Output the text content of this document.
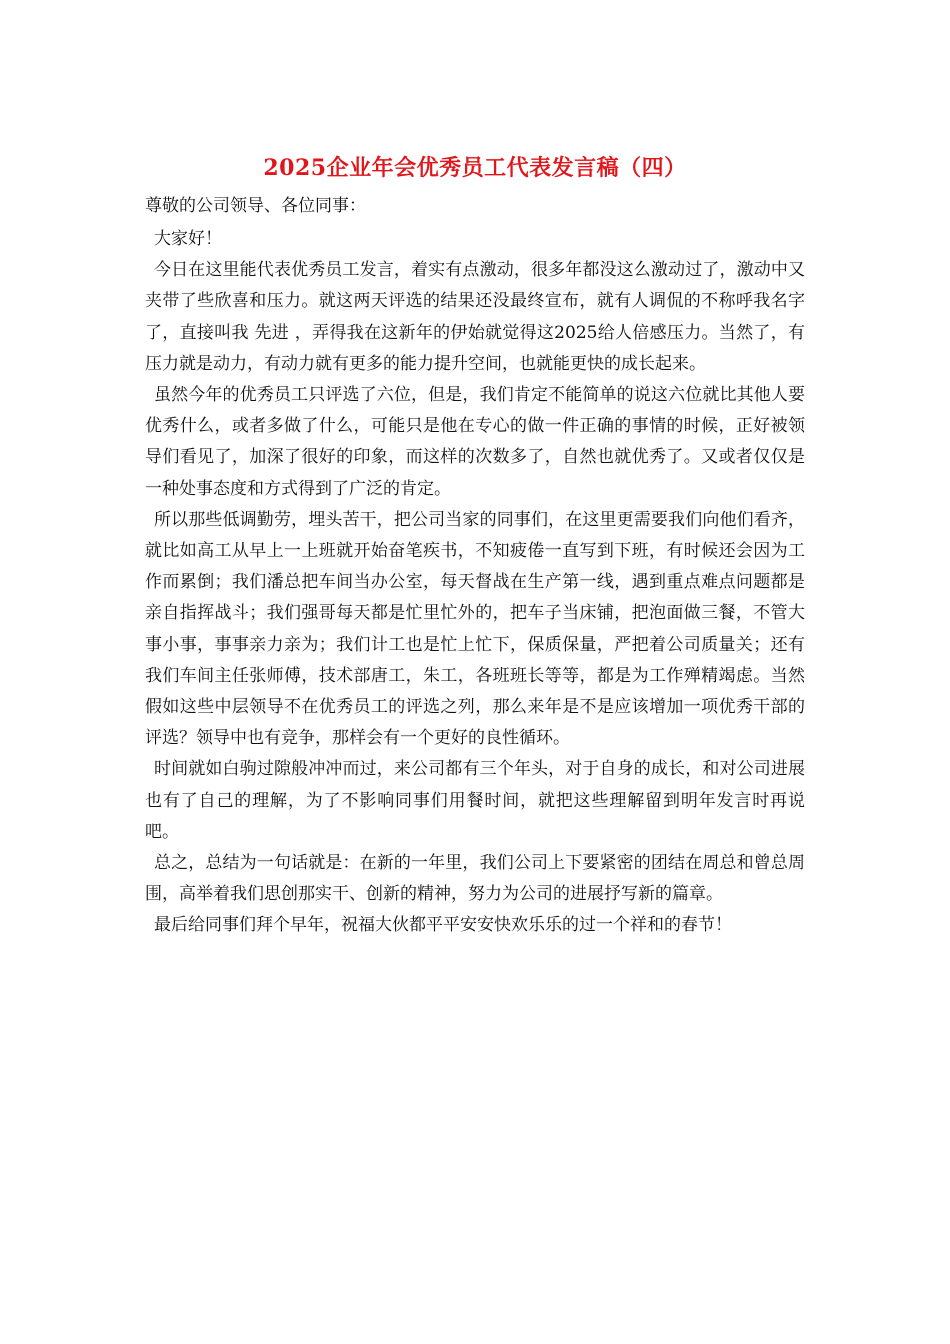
2025企业年会优秀员工代表发言稿（四）
尊敬的公司领导、各位同事：

大家好！

今日在这里能代表优秀员工发言，着实有点激动，很多年都没这么激动过了，激动中又夹带了些欣喜和压力。就这两天评选的结果还没最终宣布，就有人调侃的不称呼我名字了，直接叫我 先进 ，弄得我在这新年的伊始就觉得这2025给人倍感压力。当然了，有压力就是动力，有动力就有更多的能力提升空间，也就能更快的成长起来。

虽然今年的优秀员工只评选了六位，但是，我们肯定不能简单的说这六位就比其他人要优秀什么，或者多做了什么，可能只是他在专心的做一件正确的事情的时候，正好被领导们看见了，加深了很好的印象，而这样的次数多了，自然也就优秀了。又或者仅仅是一种处事态度和方式得到了广泛的肯定。

所以那些低调勤劳，埋头苦干，把公司当家的同事们，在这里更需要我们向他们看齐，就比如高工从早上一上班就开始奋笔疾书，不知疲倦一直写到下班，有时候还会因为工作而累倒；我们潘总把车间当办公室，每天督战在生产第一线，遇到重点难点问题都是亲自指挥战斗；我们强哥每天都是忙里忙外的，把车子当床铺，把泡面做三餐，不管大事小事，事事亲力亲为；我们计工也是忙上忙下，保质保量，严把着公司质量关；还有我们车间主任张师傅，技术部唐工，朱工，各班班长等等，都是为工作殚精竭虑。当然假如这些中层领导不在优秀员工的评选之列，那么来年是不是应该增加一项优秀干部的评选？领导中也有竞争，那样会有一个更好的良性循环。

时间就如白驹过隙般冲冲而过，来公司都有三个年头，对于自身的成长，和对公司进展也有了自己的理解，为了不影响同事们用餐时间，就把这些理解留到明年发言时再说吧。

总之，总结为一句话就是：在新的一年里，我们公司上下要紧密的团结在周总和曾总周围，高举着我们思创那实干、创新的精神，努力为公司的进展抒写新的篇章。

最后给同事们拜个早年，祝福大伙都平平安安快欢乐乐的过一个祥和的春节！
